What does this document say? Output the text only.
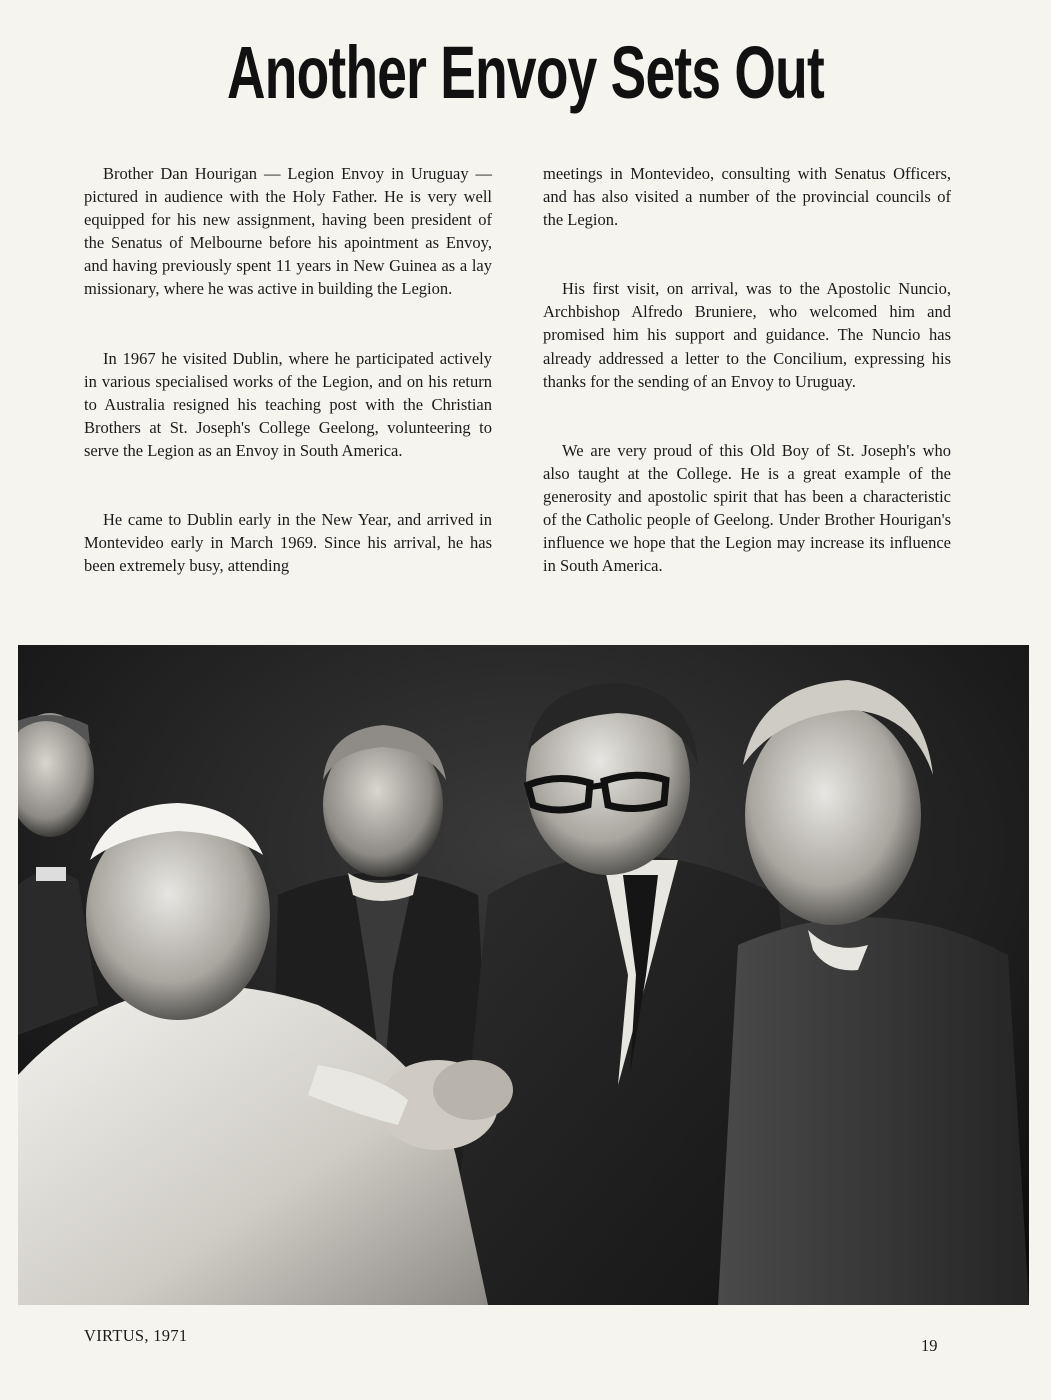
Another Envoy Sets Out

Brother Dan Hourigan — Legion Envoy in Uruguay — pictured in audience with the Holy Father. He is very well equipped for his new assignment, having been president of the Senatus of Melbourne before his apointment as Envoy, and having previously spent 11 years in New Guinea as a lay missionary, where he was active in building the Legion.

In 1967 he visited Dublin, where he participated actively in various specialised works of the Legion, and on his return to Australia resigned his teaching post with the Christian Brothers at St. Joseph's College Geelong, volunteering to serve the Legion as an Envoy in South America.

He came to Dublin early in the New Year, and arrived in Montevideo early in March 1969. Since his arrival, he has been extremely busy, attending

meetings in Montevideo, consulting with Senatus Officers, and has also visited a number of the provincial councils of the Legion.

His first visit, on arrival, was to the Apostolic Nuncio, Archbishop Alfredo Bruniere, who welcomed him and promised him his support and guidance. The Nuncio has already addressed a letter to the Concilium, expressing his thanks for the sending of an Envoy to Uruguay.

We are very proud of this Old Boy of St. Joseph's who also taught at the College. He is a great example of the generosity and apostolic spirit that has been a characteristic of the Catholic people of Geelong. Under Brother Hourigan's influence we hope that the Legion may increase its influence in South America.

VIRTUS, 1971
19
